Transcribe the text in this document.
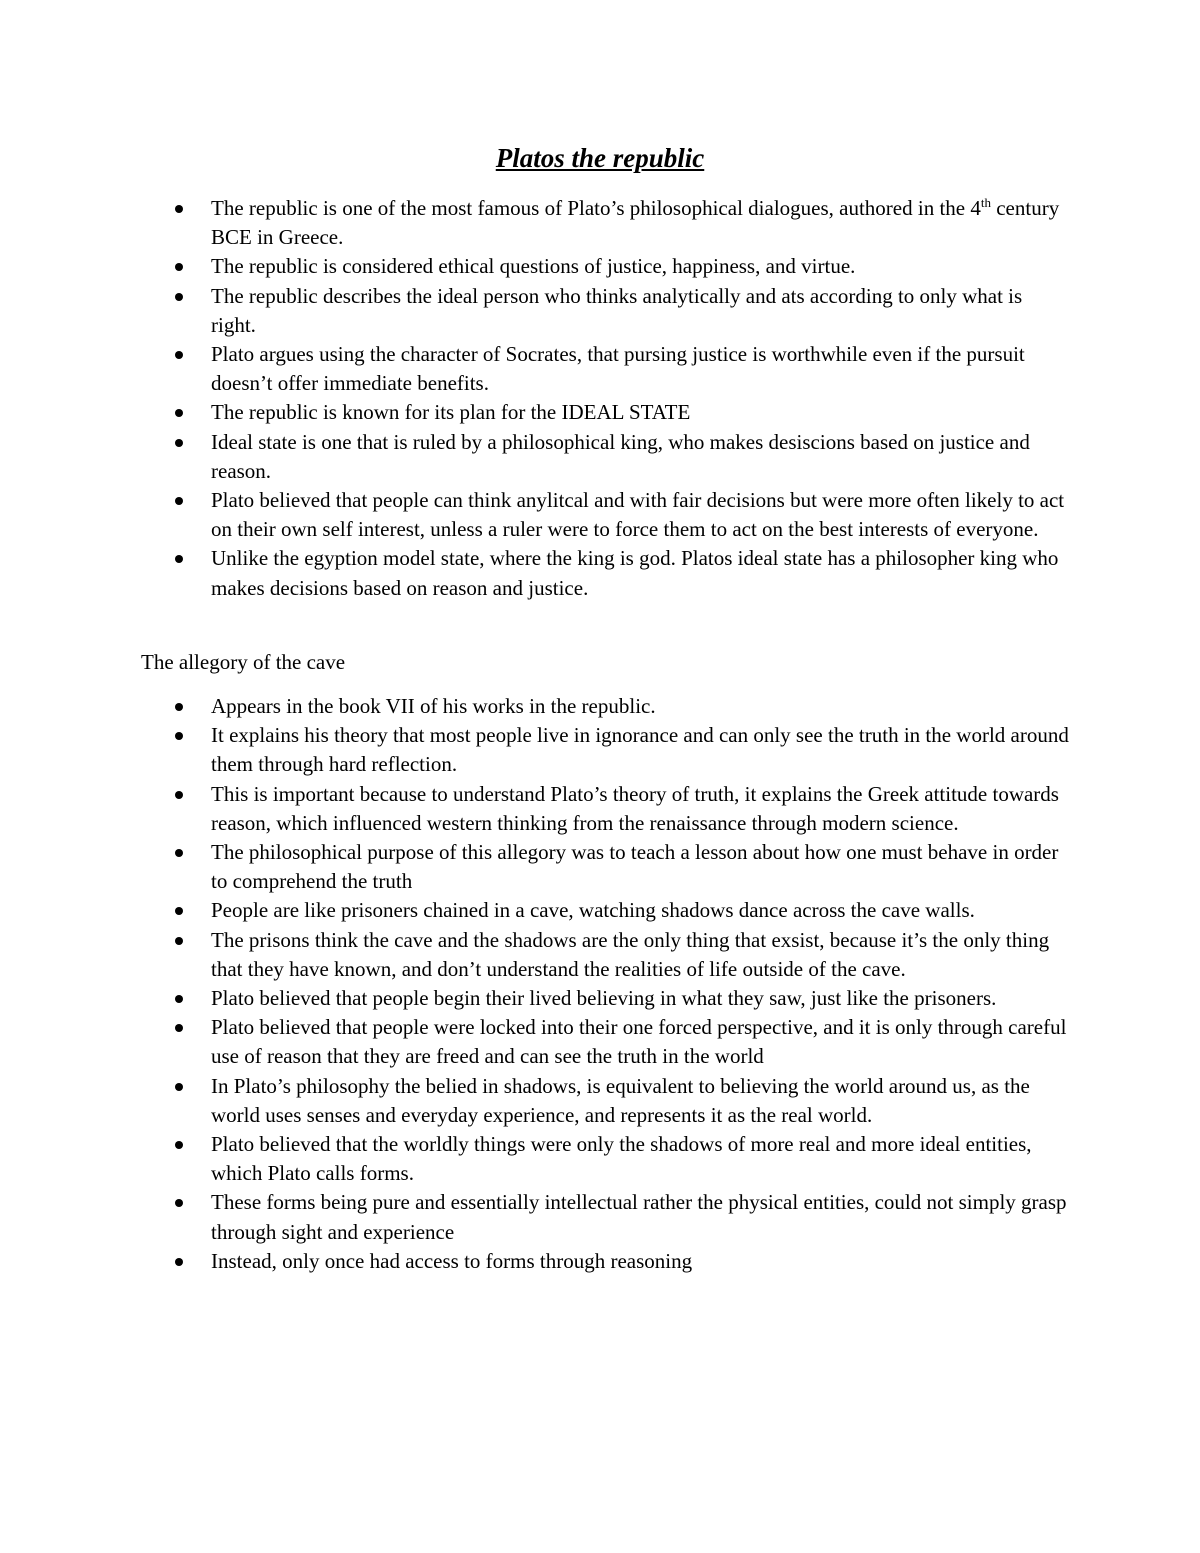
Platos the republic
The republic is one of the most famous of Plato’s philosophical dialogues, authored in the 4th century BCE in Greece.
The republic is considered ethical questions of justice, happiness, and virtue.
The republic describes the ideal person who thinks analytically and ats according to only what is right.
Plato argues using the character of Socrates, that pursing justice is worthwhile even if the pursuit doesn’t offer immediate benefits.
The republic is known for its plan for the IDEAL STATE
Ideal state is one that is ruled by a philosophical king, who makes desiscions based on justice and reason.
Plato believed that people can think anylitcal and with fair decisions but were more often likely to act on their own self interest, unless a ruler were to force them to act on the best interests of everyone.
Unlike the egyption model state, where the king is god. Platos ideal state has a philosopher king who makes decisions based on reason and justice.

The allegory of the cave

Appears in the book VII of his works in the republic.
It explains his theory that most people live in ignorance and can only see the truth in the world around them through hard reflection.
This is important because to understand Plato’s theory of truth, it explains the Greek attitude towards reason, which influenced western thinking from the renaissance through modern science.
The philosophical purpose of this allegory was to teach a lesson about how one must behave in order to comprehend the truth
People are like prisoners chained in a cave, watching shadows dance across the cave walls.
The prisons think the cave and the shadows are the only thing that exsist, because it’s the only thing that they have known, and don’t understand the realities of life outside of the cave.
Plato believed that people begin their lived believing in what they saw, just like the prisoners.
Plato believed that people were locked into their one forced perspective, and it is only through careful use of reason that they are freed and can see the truth in the world
In Plato’s philosophy the belied in shadows, is equivalent to believing the world around us, as the world uses senses and everyday experience, and represents it as the real world.
Plato believed that the worldly things were only the shadows of more real and more ideal entities, which Plato calls forms.
These forms being pure and essentially intellectual rather the physical entities, could not simply grasp through sight and experience
Instead, only once had access to forms through reasoning
